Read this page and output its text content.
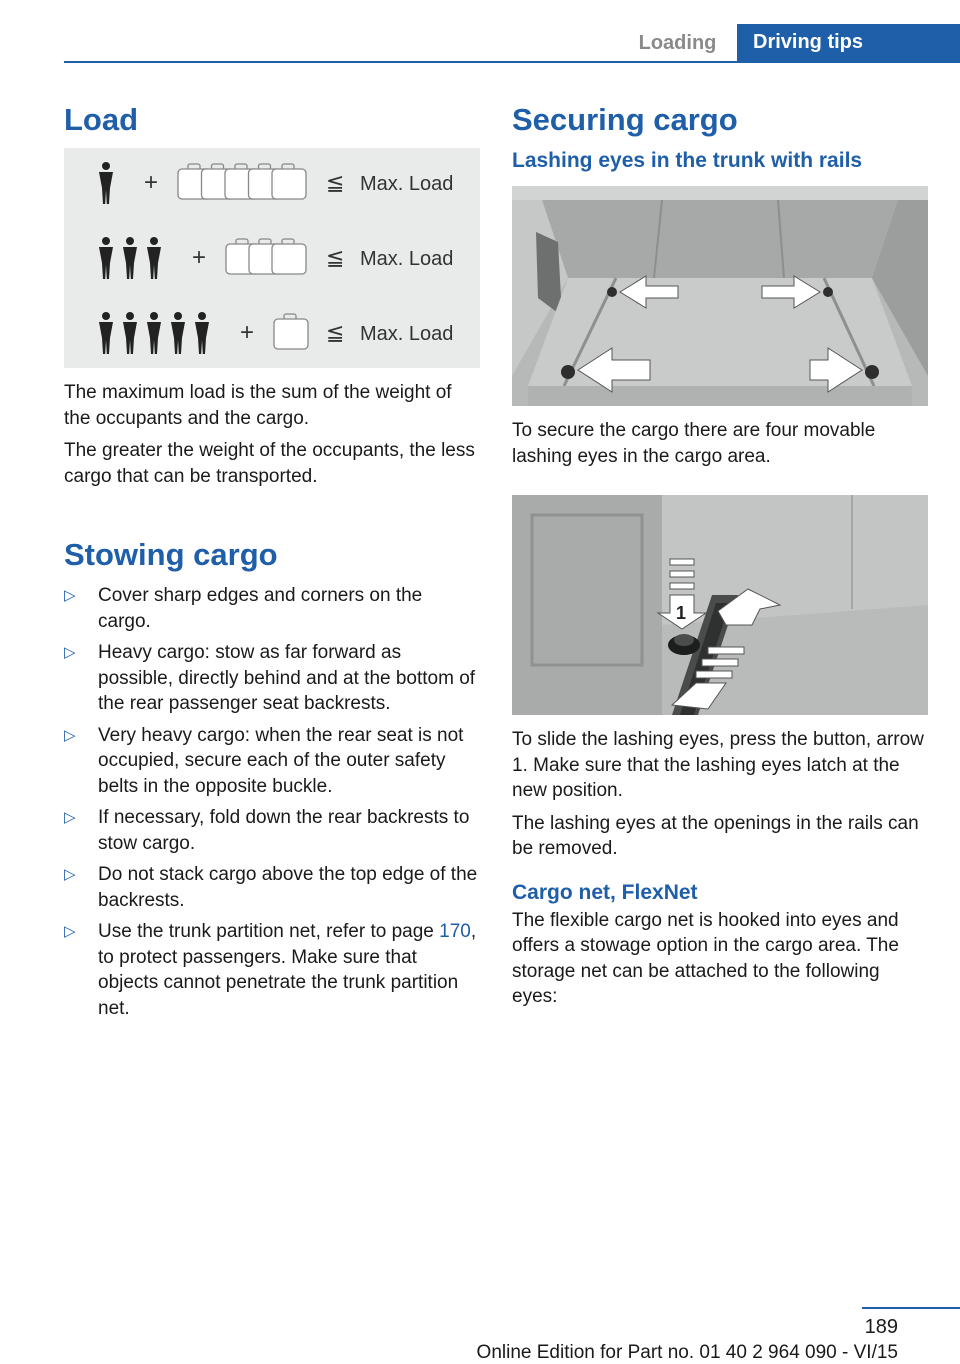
Loading	Driving tips
Load
+	≦ Max. Load
+	≦ Max. Load
+	≦ Max. Load

The maximum load is the sum of the weight of the occupants and the cargo.

The greater the weight of the occupants, the less cargo that can be transported.

Stowing cargo
▷ Cover sharp edges and corners on the cargo.
▷ Heavy cargo: stow as far forward as possible, directly behind and at the bottom of the rear passenger seat backrests.
▷ Very heavy cargo: when the rear seat is not occupied, secure each of the outer safety belts in the opposite buckle.
▷ If necessary, fold down the rear backrests to stow cargo.
▷ Do not stack cargo above the top edge of the backrests.
▷ Use the trunk partition net, refer to page 170, to protect passengers. Make sure that objects cannot penetrate the trunk partition net.
Securing cargo
Lashing eyes in the trunk with rails

To secure the cargo there are four movable lashing eyes in the cargo area.

1

To slide the lashing eyes, press the button, arrow 1. Make sure that the lashing eyes latch at the new position.

The lashing eyes at the openings in the rails can be removed.

Cargo net, FlexNet

The flexible cargo net is hooked into eyes and offers a stowage option in the cargo area. The storage net can be attached to the following eyes:

189
Online Edition for Part no. 01 40 2 964 090 - VI/15
